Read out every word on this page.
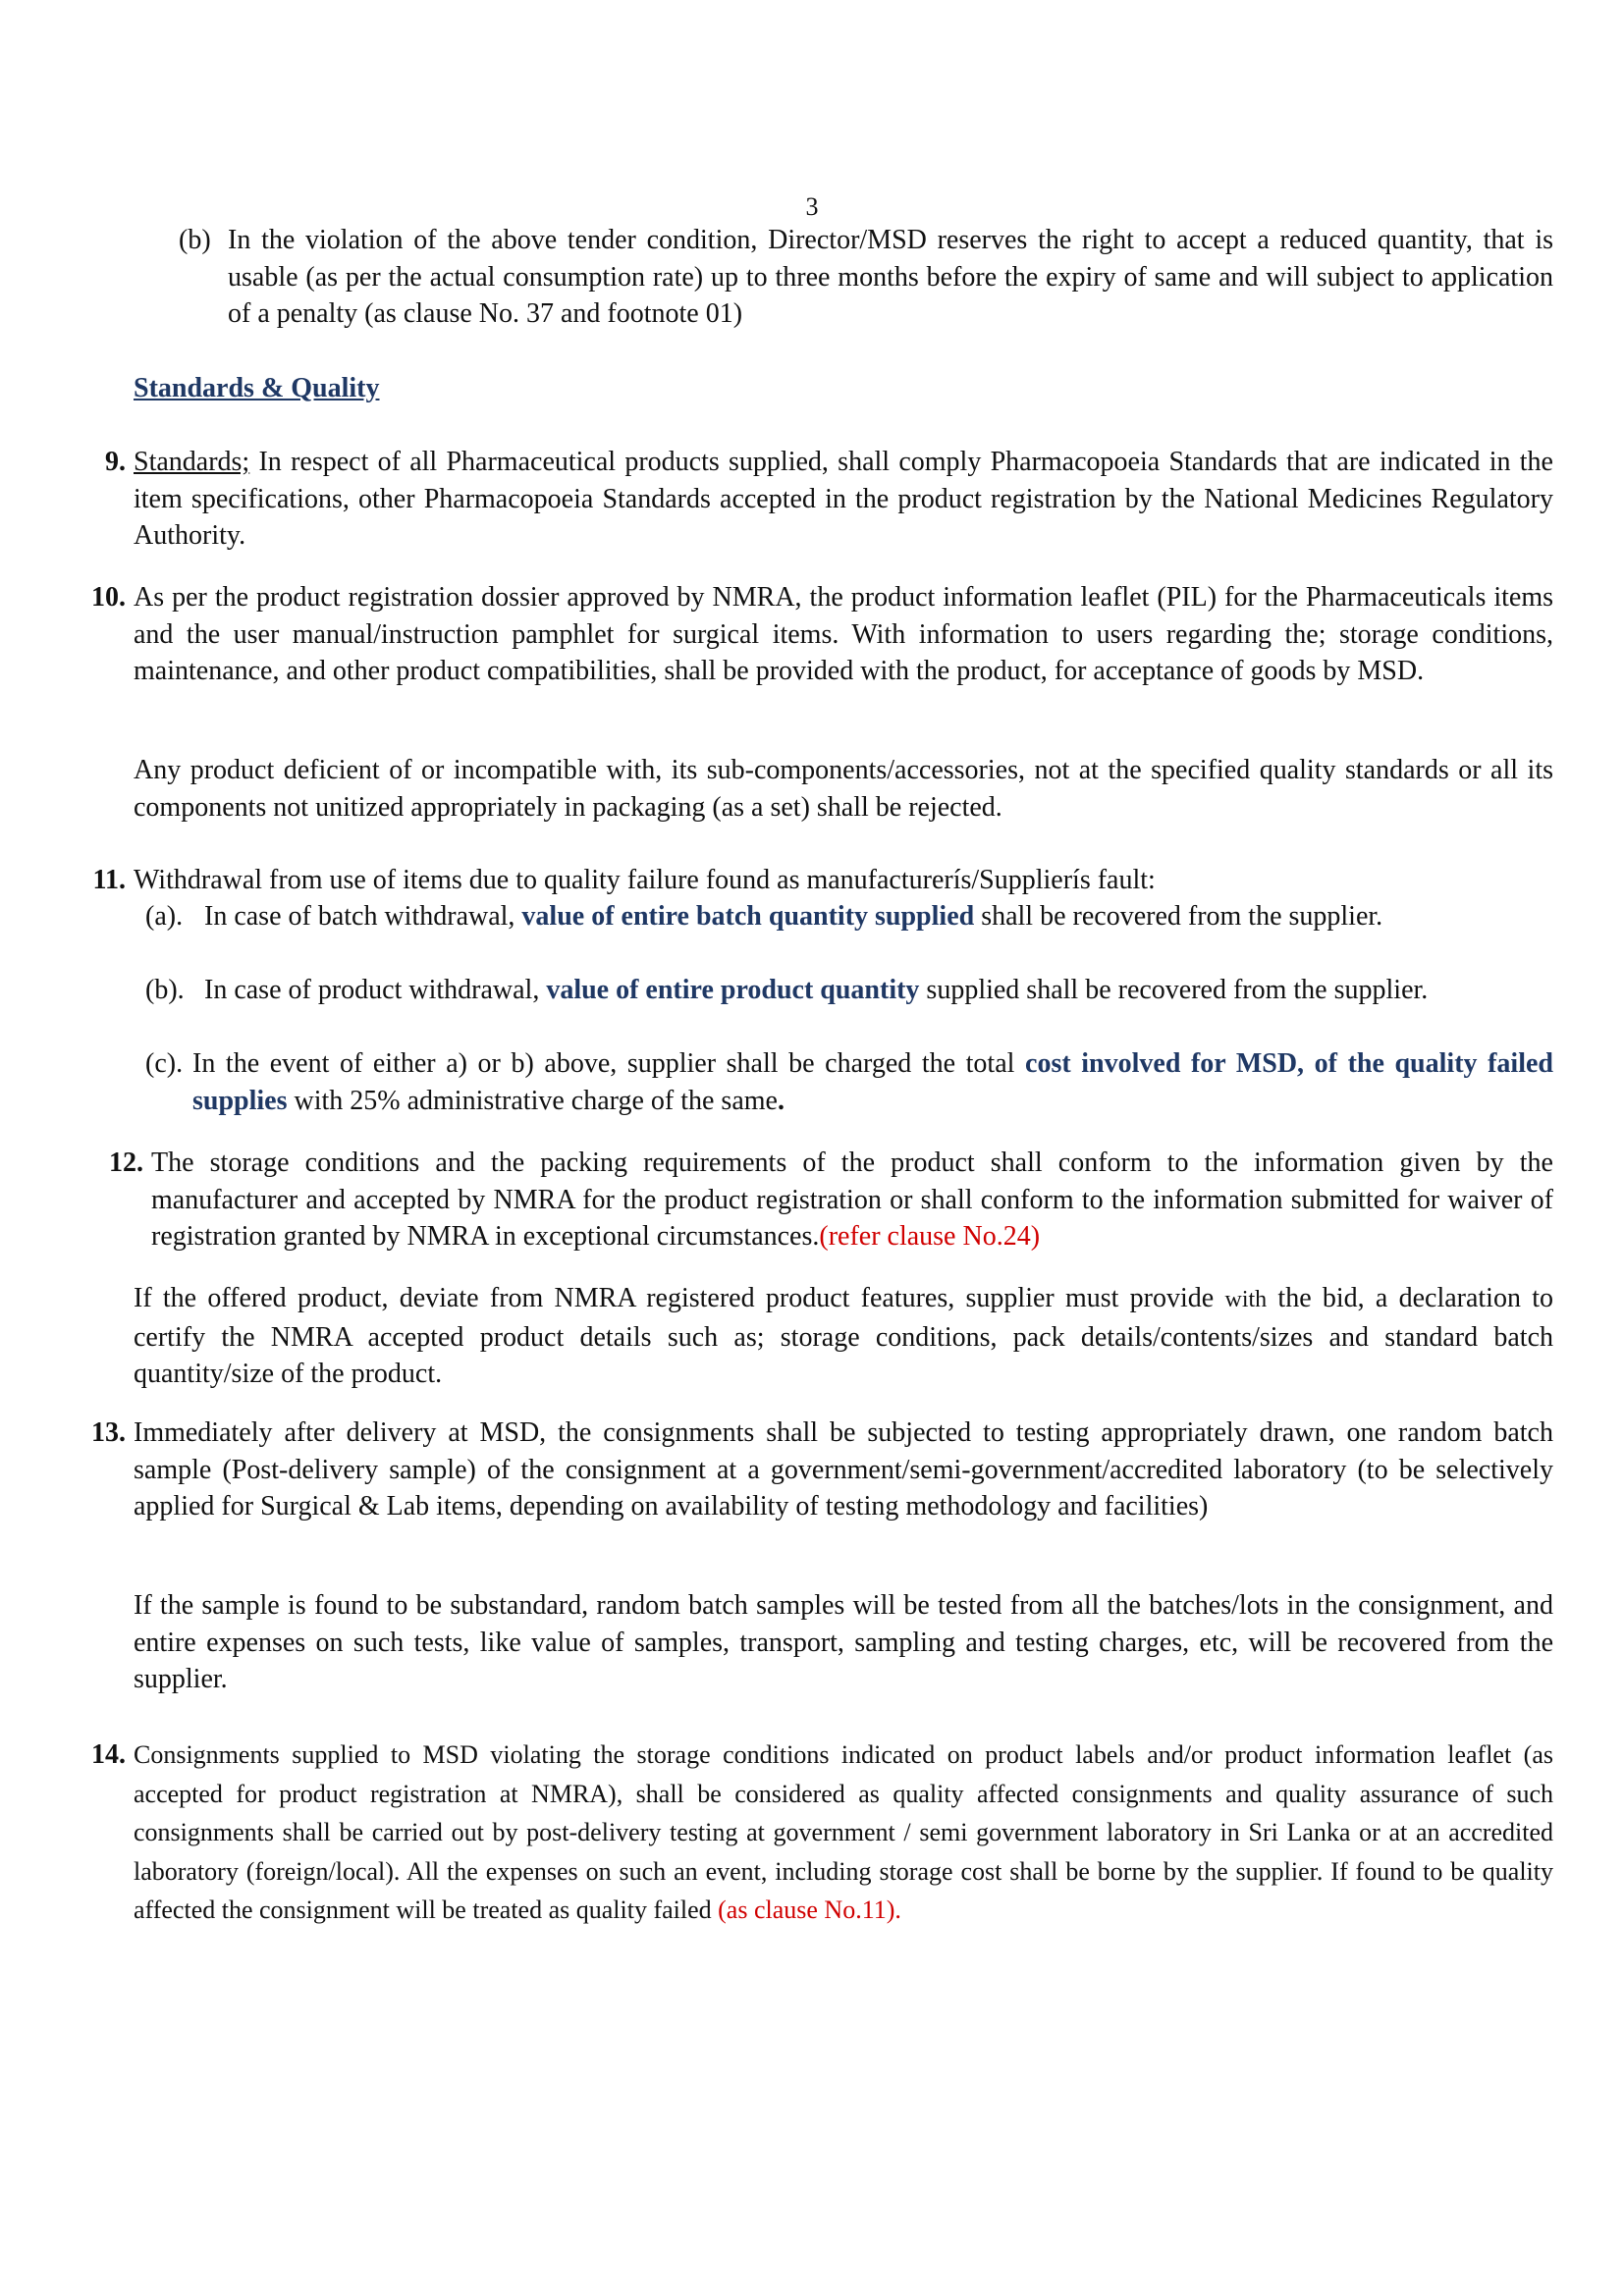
3
(b) In the violation of the above tender condition, Director/MSD reserves the right to accept a reduced quantity, that is usable (as per the actual consumption rate) up to three months before the expiry of same and will subject to application of a penalty (as clause No. 37 and footnote 01)
Standards & Quality
9. Standards; In respect of all Pharmaceutical products supplied, shall comply Pharmacopoeia Standards that are indicated in the item specifications, other Pharmacopoeia Standards accepted in the product registration by the National Medicines Regulatory Authority.
10. As per the product registration dossier approved by NMRA, the product information leaflet (PIL) for the Pharmaceuticals items and the user manual/instruction pamphlet for surgical items. With information to users regarding the; storage conditions, maintenance, and other product compatibilities, shall be provided with the product, for acceptance of goods by MSD.
Any product deficient of or incompatible with, its sub-components/accessories, not at the specified quality standards or all its components not unitized appropriately in packaging (as a set) shall be rejected.
11. Withdrawal from use of items due to quality failure found as manufacturerís/Supplierís fault:
(a). In case of batch withdrawal, value of entire batch quantity supplied shall be recovered from the supplier.
(b). In case of product withdrawal, value of entire product quantity supplied shall be recovered from the supplier.
(c). In the event of either a) or b) above, supplier shall be charged the total cost involved for MSD, of the quality failed supplies with 25% administrative charge of the same.
12. The storage conditions and the packing requirements of the product shall conform to the information given by the manufacturer and accepted by NMRA for the product registration or shall conform to the information submitted for waiver of registration granted by NMRA in exceptional circumstances.(refer clause No.24)
If the offered product, deviate from NMRA registered product features, supplier must provide with the bid, a declaration to certify the NMRA accepted product details such as; storage conditions, pack details/contents/sizes and standard batch quantity/size of the product.
13. Immediately after delivery at MSD, the consignments shall be subjected to testing appropriately drawn, one random batch sample (Post-delivery sample) of the consignment at a government/semi-government/accredited laboratory (to be selectively applied for Surgical & Lab items, depending on availability of testing methodology and facilities)
If the sample is found to be substandard, random batch samples will be tested from all the batches/lots in the consignment, and entire expenses on such tests, like value of samples, transport, sampling and testing charges, etc, will be recovered from the supplier.
14. Consignments supplied to MSD violating the storage conditions indicated on product labels and/or product information leaflet (as accepted for product registration at NMRA), shall be considered as quality affected consignments and quality assurance of such consignments shall be carried out by post-delivery testing at government / semi government laboratory in Sri Lanka or at an accredited laboratory (foreign/local). All the expenses on such an event, including storage cost shall be borne by the supplier. If found to be quality affected the consignment will be treated as quality failed (as clause No.11).
